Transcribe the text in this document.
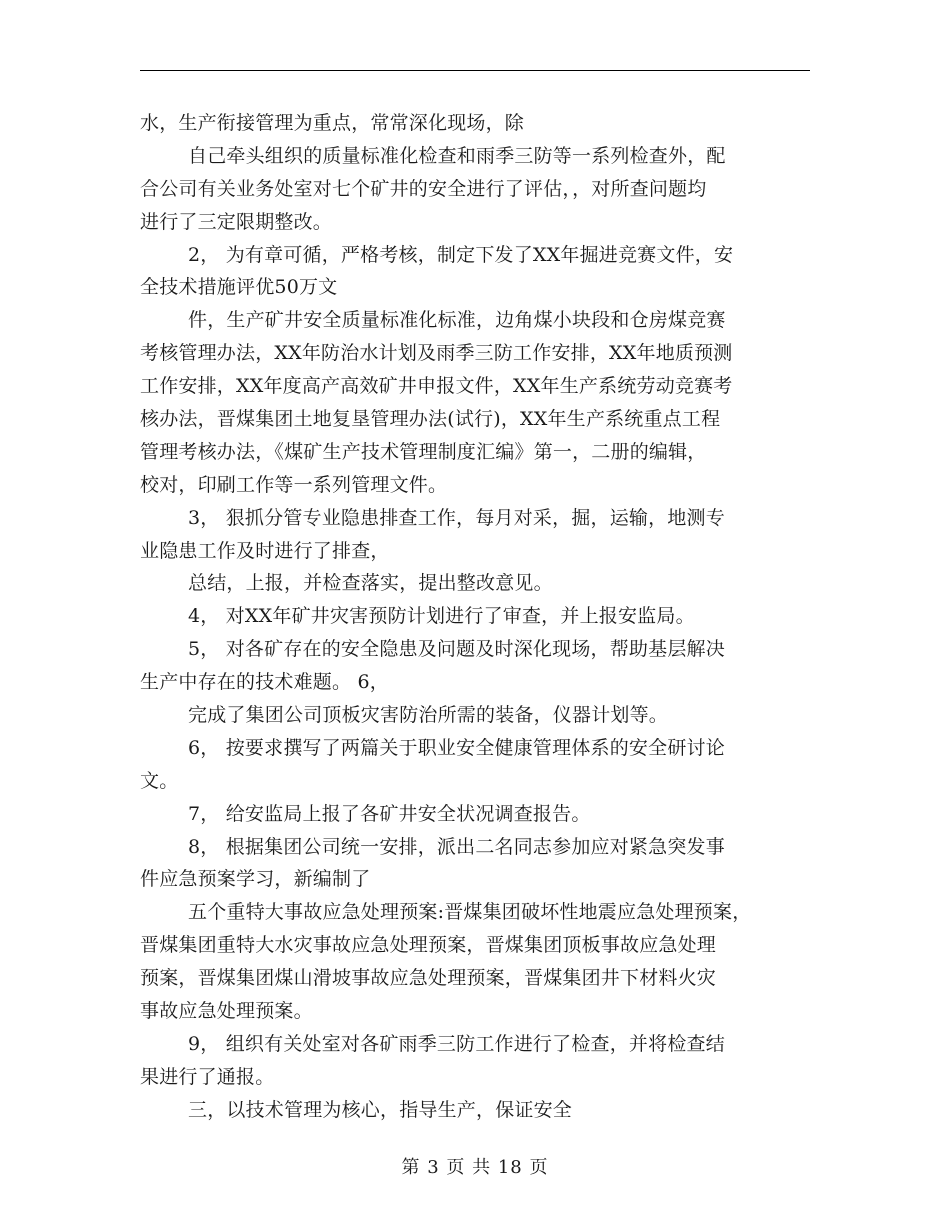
水，生产衔接管理为重点，常常深化现场，除
自己牵头组织的质量标准化检查和雨季三防等一系列检查外，配
合公司有关业务处室对七个矿井的安全进行了评估，，对所查问题均
进行了三定限期整改。
2， 为有章可循，严格考核，制定下发了XX年掘进竞赛文件，安
全技术措施评优50万文
件，生产矿井安全质量标准化标准，边角煤小块段和仓房煤竞赛
考核管理办法，XX年防治水计划及雨季三防工作安排，XX年地质预测
工作安排，XX年度高产高效矿井申报文件，XX年生产系统劳动竞赛考
核办法，晋煤集团土地复垦管理办法(试行)，XX年生产系统重点工程
管理考核办法，《煤矿生产技术管理制度汇编》第一，二册的编辑，
校对，印刷工作等一系列管理文件。
3， 狠抓分管专业隐患排查工作，每月对采，掘，运输，地测专
业隐患工作及时进行了排查，
总结，上报，并检查落实，提出整改意见。
4， 对XX年矿井灾害预防计划进行了审查，并上报安监局。
5， 对各矿存在的安全隐患及问题及时深化现场，帮助基层解决
生产中存在的技术难题。 6，
完成了集团公司顶板灾害防治所需的装备，仪器计划等。
6， 按要求撰写了两篇关于职业安全健康管理体系的安全研讨论
文。
7， 给安监局上报了各矿井安全状况调查报告。
8， 根据集团公司统一安排，派出二名同志参加应对紧急突发事
件应急预案学习，新编制了
五个重特大事故应急处理预案:晋煤集团破坏性地震应急处理预案，
晋煤集团重特大水灾事故应急处理预案，晋煤集团顶板事故应急处理
预案，晋煤集团煤山滑坡事故应急处理预案，晋煤集团井下材料火灾
事故应急处理预案。
9， 组织有关处室对各矿雨季三防工作进行了检查，并将检查结
果进行了通报。
三，以技术管理为核心，指导生产，保证安全
第 3 页 共 18 页
